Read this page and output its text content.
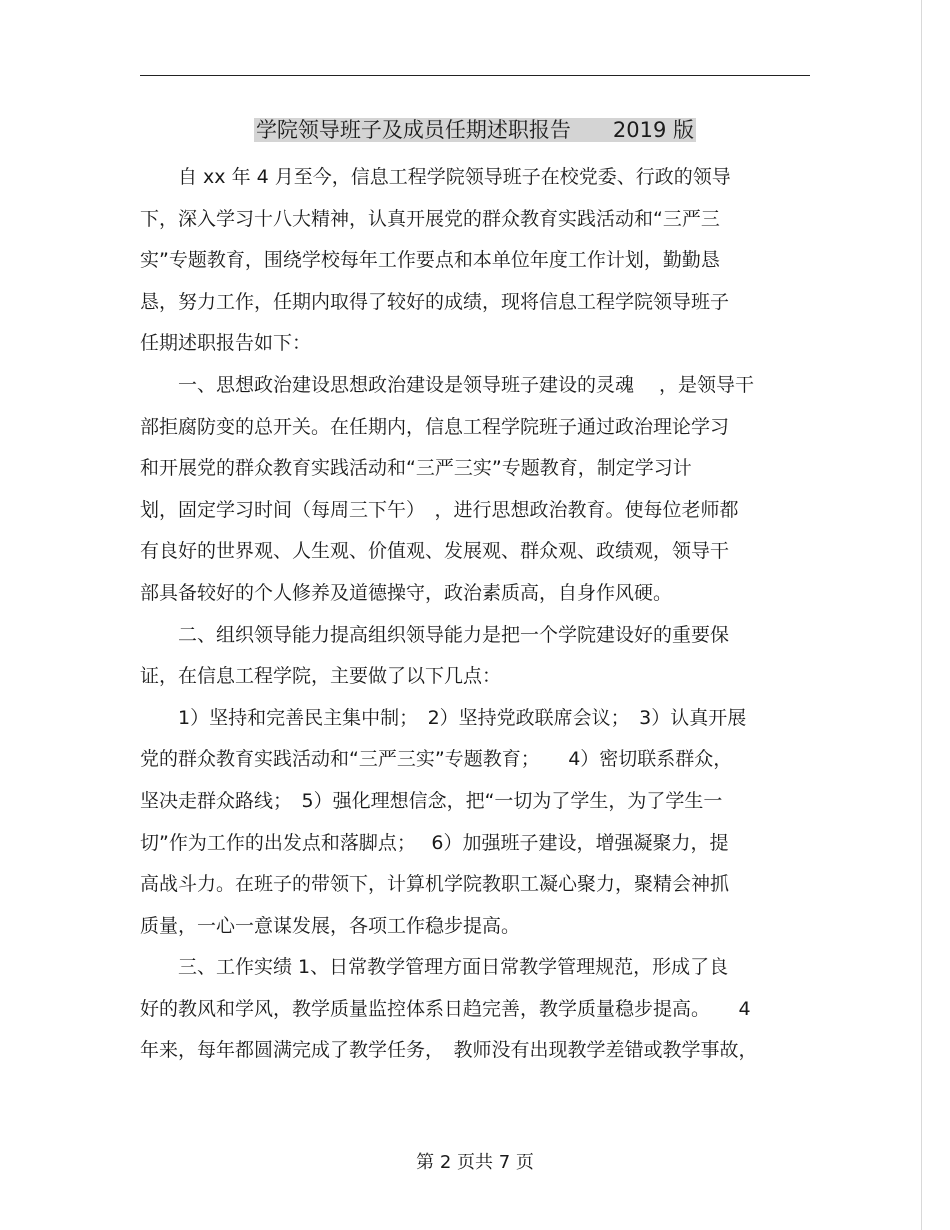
学院领导班子及成员任期述职报告　　2019 版
　　自 xx 年 4 月至今，信息工程学院领导班子在校党委、行政的领导
下，深入学习十八大精神，认真开展党的群众教育实践活动和“三严三
实”专题教育，围绕学校每年工作要点和本单位年度工作计划，勤勤恳
恳，努力工作，任期内取得了较好的成绩，现将信息工程学院领导班子
任期述职报告如下：
　　一、思想政治建设思想政治建设是领导班子建设的灵魂　 ，是领导干
部拒腐防变的总开关。在任期内，信息工程学院班子通过政治理论学习
和开展党的群众教育实践活动和“三严三实”专题教育，制定学习计
划，固定学习时间（每周三下午）　，进行思想政治教育。使每位老师都
有良好的世界观、人生观、价值观、发展观、群众观、政绩观，领导干
部具备较好的个人修养及道德操守，政治素质高，自身作风硬。
　　二、组织领导能力提高组织领导能力是把一个学院建设好的重要保
证，在信息工程学院，主要做了以下几点：
　　1）坚持和完善民主集中制；　2）坚持党政联席会议；　3）认真开展
党的群众教育实践活动和“三严三实”专题教育；　　4）密切联系群众，
坚决走群众路线；　5）强化理想信念，把“一切为了学生，为了学生一
切”作为工作的出发点和落脚点；　 6）加强班子建设，增强凝聚力，提
高战斗力。在班子的带领下，计算机学院教职工凝心聚力，聚精会神抓
质量，一心一意谋发展，各项工作稳步提高。
　　三、工作实绩 1、日常教学管理方面日常教学管理规范，形成了良
好的教风和学风，教学质量监控体系日趋完善，教学质量稳步提高。　　4
年来，每年都圆满完成了教学任务，　教师没有出现教学差错或教学事故，
第 2 页共 7 页
